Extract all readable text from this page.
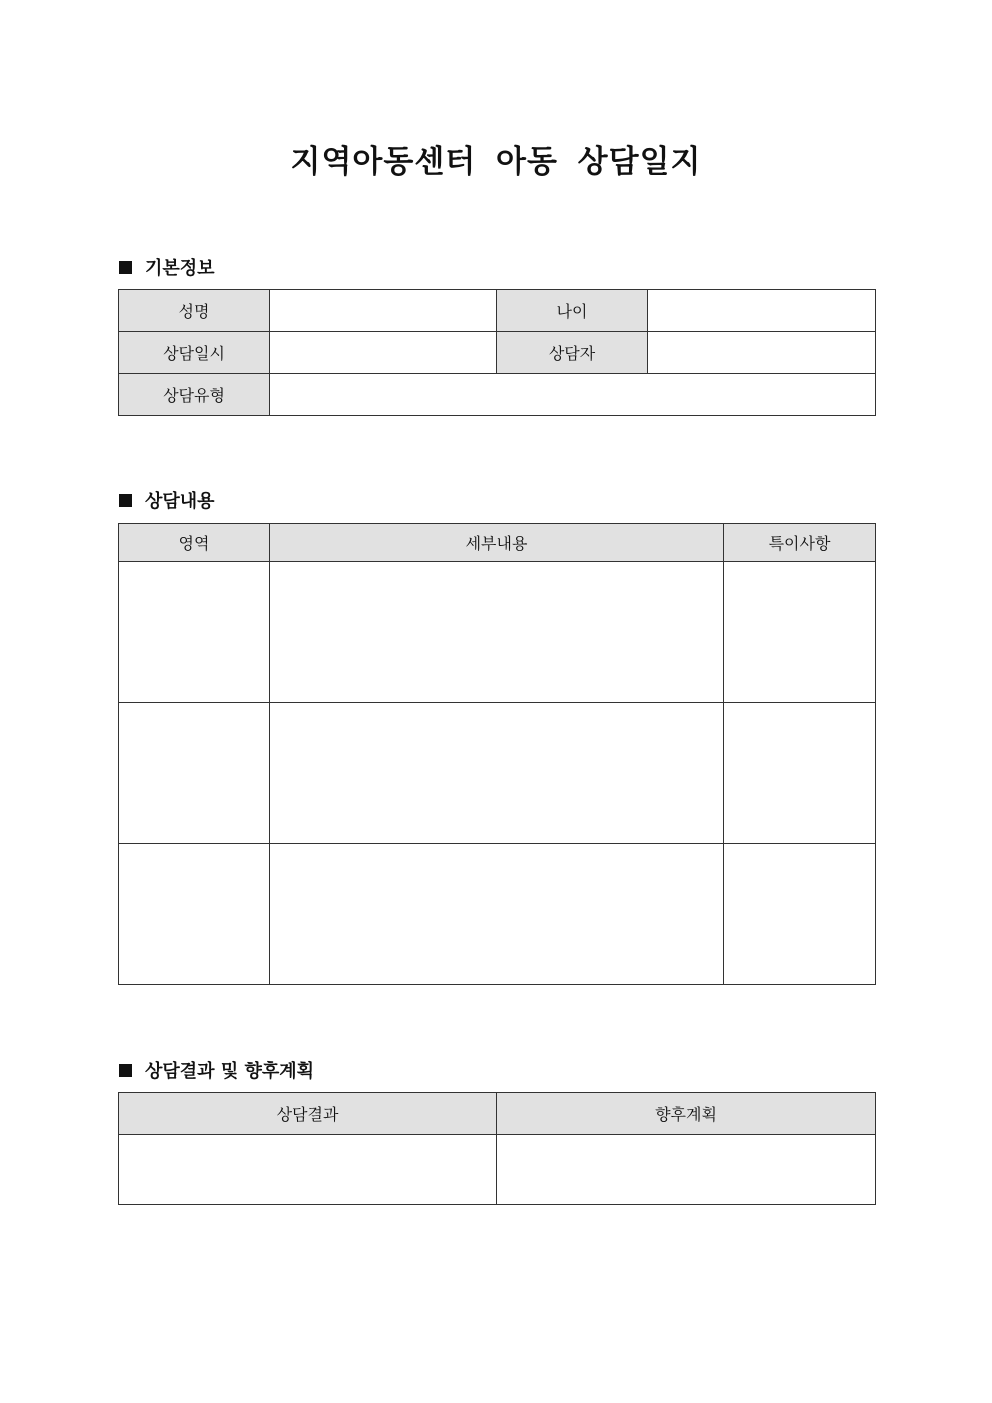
지역아동센터 아동 상담일지
기본정보
성명		나이	
상담일시		상담자	
상담유형			
상담내용
영역	세부내용	특이사항

상담결과 및 향후계획
상담결과	향후계획
